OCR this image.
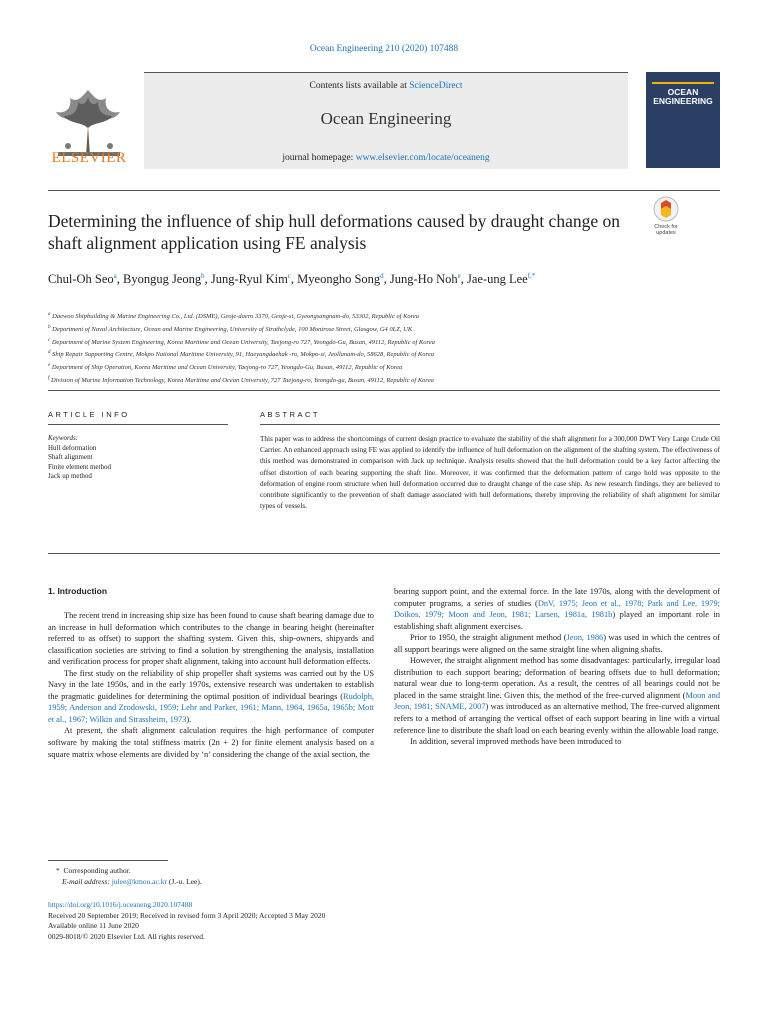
Ocean Engineering 210 (2020) 107488
ELSEVIER
Contents lists available at ScienceDirect
Ocean Engineering
journal homepage: www.elsevier.com/locate/oceaneng
OCEAN
ENGINEERING
Determining the influence of ship hull deformations caused by draught change on shaft alignment application using FE analysis
Check for
updates
Chul-Oh Seo$^a$, Byongug Jeong$^b$, Jung-Ryul Kim$^c$, Myeongho Song$^d$, Jung-Ho Noh$^e$, Jae-ung Lee$^{f,*}$
$^a$ Daewoo Shipbuilding & Marine Engineering Co., Ltd. (DSME), Geoje-daero 3370, Geoje-si, Gyeongsangnam-do, 53302, Republic of Korea
$^b$ Department of Naval Architecture, Ocean and Marine Engineering, University of Strathclyde, 100 Montrose Street, Glasgow, G4 0LZ, UK
$^c$ Department of Marine System Engineering, Korea Maritime and Ocean University, Taejong-ro 727, Yeongdo-Gu, Busan, 49112, Republic of Korea
$^d$ Ship Repair Supporting Centre, Mokpo National Maritime University, 91, Haeyangdaehak -ro, Mokpo-si, Jeollanam-do, 58628, Republic of Korea
$^e$ Department of Ship Operation, Korea Maritime and Ocean University, Taejong-ro 727, Yeongdo-Gu, Busan, 49112, Republic of Korea
$^f$ Division of Marine Information Technology, Korea Maritime and Ocean University, 727 Taejong-ro, Yeongdo-gu, Busan, 49112, Republic of Korea
ARTICLE INFO
Keywords:
Hull deformation
Shaft alignment
Finite element method
Jack up method
ABSTRACT
This paper was to address the shortcomings of current design practice to evaluate the stability of the shaft alignment for a 300,000 DWT Very Large Crude Oil Carrier. An enhanced approach using FE was applied to identify the influence of hull deformation on the alignment of the shafting system. The effectiveness of this method was demonstrated in comparison with Jack up technique. Analysis results showed that the hull deformation could be a key factor affecting the offset distortion of each bearing supporting the shaft line. Moreover, it was confirmed that the deformation pattern of cargo hold was opposite to the deformation of engine room structure when hull deformation occurred due to draught change of the case ship. As new research findings, they are believed to contribute significantly to the prevention of shaft damage associated with hull deformations, thereby improving the reliability of shaft alignment for similar types of vessels.
1. Introduction

The recent trend in increasing ship size has been found to cause shaft bearing damage due to an increase in hull deformation which contributes to the change in bearing height (hereinafter referred to as offset) to support the shafting system. Given this, ship-owners, shipyards and classification societies are striving to find a solution by strengthening the analysis, installation and verification process for proper shaft alignment, taking into account hull deformation effects.

The first study on the reliability of ship propeller shaft systems was carried out by the US Navy in the late 1950s, and in the early 1970s, extensive research was undertaken to establish the pragmatic guidelines for determining the optimal position of individual bearings (Rudolph, 1959; Anderson and Zrodowski, 1959; Lehr and Parker, 1961; Mann, 1964, 1965a, 1965b; Mott et al., 1967; Wilkin and Strassheim, 1973).

At present, the shaft alignment calculation requires the high performance of computer software by making the total stiffness matrix (2n + 2) for finite element analysis based on a square matrix whose elements are divided by ‘n’ considering the change of the axial section, the

bearing support point, and the external force. In the late 1970s, along with the development of computer programs, a series of studies (DnV, 1975; Jeon et al., 1978; Park and Lee, 1979; Doikos, 1979; Moon and Jeon, 1981; Larsen, 1981a, 1981b) played an important role in establishing shaft alignment exercises.

Prior to 1950, the straight alignment method (Jeon, 1986) was used in which the centres of all support bearings were aligned on the same straight line when aligning shafts.

However, the straight alignment method has some disadvantages: particularly, irregular load distribution to each support bearing; deformation of bearing offsets due to hull deformation; natural wear due to long-term operation. As a result, the centres of all bearings could not be placed in the same straight line. Given this, the method of the free-curved alignment (Moon and Jeon, 1981; SNAME, 2007) was introduced as an alternative method, The free-curved alignment refers to a method of arranging the vertical offset of each support bearing in line with a virtual reference line to distribute the shaft load on each bearing evenly within the allowable load range.

In addition, several improved methods have been introduced to

*  Corresponding author.
E-mail address: julee@kmou.ac.kr (J.-u. Lee).
https://doi.org/10.1016/j.oceaneng.2020.107488
Received 20 September 2019; Received in revised form 3 April 2020; Accepted 3 May 2020
Available online 11 June 2020
0029-8018/© 2020 Elsevier Ltd. All rights reserved.
